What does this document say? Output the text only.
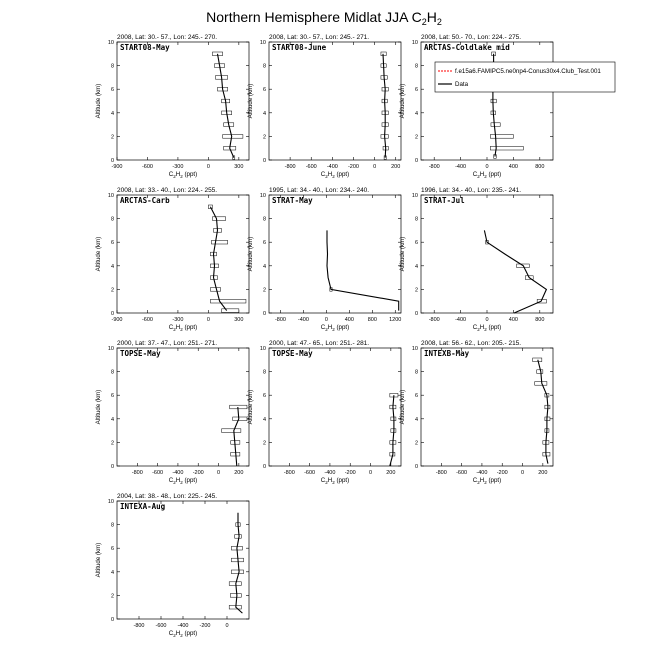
Northern Hemisphere Midlat JJA $C_2H_2$
2008, Lat: 30.- 57., Lon: 245.- 270.
START08-May
0
2
4
6
8
10
-900	-600	-300	0	300
Altitude (km)
$C_2H_2$ (ppt)
2008, Lat: 30.- 57., Lon: 245.- 271.
START08-June
0
2
4
6
8
10
-800 -600 -400 -200	0	200
Altitude (km)
$C_2H_2$ (ppt)
2008, Lat: 50.- 70., Lon: 224.- 275.
ARCTAS-Coldlake mid
0
2
4
6
8
10
-800	-400	0	400	800
Altitude (km)
$C_2H_2$ (ppt)
2008, Lat: 33.- 40., Lon: 224.- 255.
ARCTAS-Carb
0
2
4
6
8
10
-900	-600	-300	0	300
Altitude (km)
$C_2H_2$ (ppt)
1995, Lat: 34.- 40., Lon: 234.- 240.
STRAT-May
0
2
4
6
8
10
-800 -400	0	400	800 1200
Altitude (km)
$C_2H_2$ (ppt)
1996, Lat: 34.- 40., Lon: 235.- 241.
STRAT-Jul
0
2
4
6
8
10
-800	-400	0	400	800
Altitude (km)
$C_2H_2$ (ppt)
2000, Lat: 37.- 47., Lon: 251.- 271.
TOPSE-May
0
2
4
6
8
10
-800 -600 -400 -200 0	200
Altitude (km)
$C_2H_2$ (ppt)
2000, Lat: 47.- 65., Lon: 251.- 281.
TOPSE-May
0
2
4
6
8
10
-800 -600 -400 -200 0	200
Altitude (km)
$C_2H_2$ (ppt)
2008, Lat: 56.- 62., Lon: 205.- 215.
INTEXB-May
0
2
4
6
8
10
-800 -600 -400 -200 0	200
Altitude (km)
$C_2H_2$ (ppt)
2004, Lat: 38.- 48., Lon: 225.- 245.
INTEXA-Aug
0
2
4
6
8
10
-800 -600 -400 -200	0
Altitude (km)
$C_2H_2$ (ppt)
f.e15a6.FAMIPC5.ne0np4-Conus30x4.Club_Test.001
Data
